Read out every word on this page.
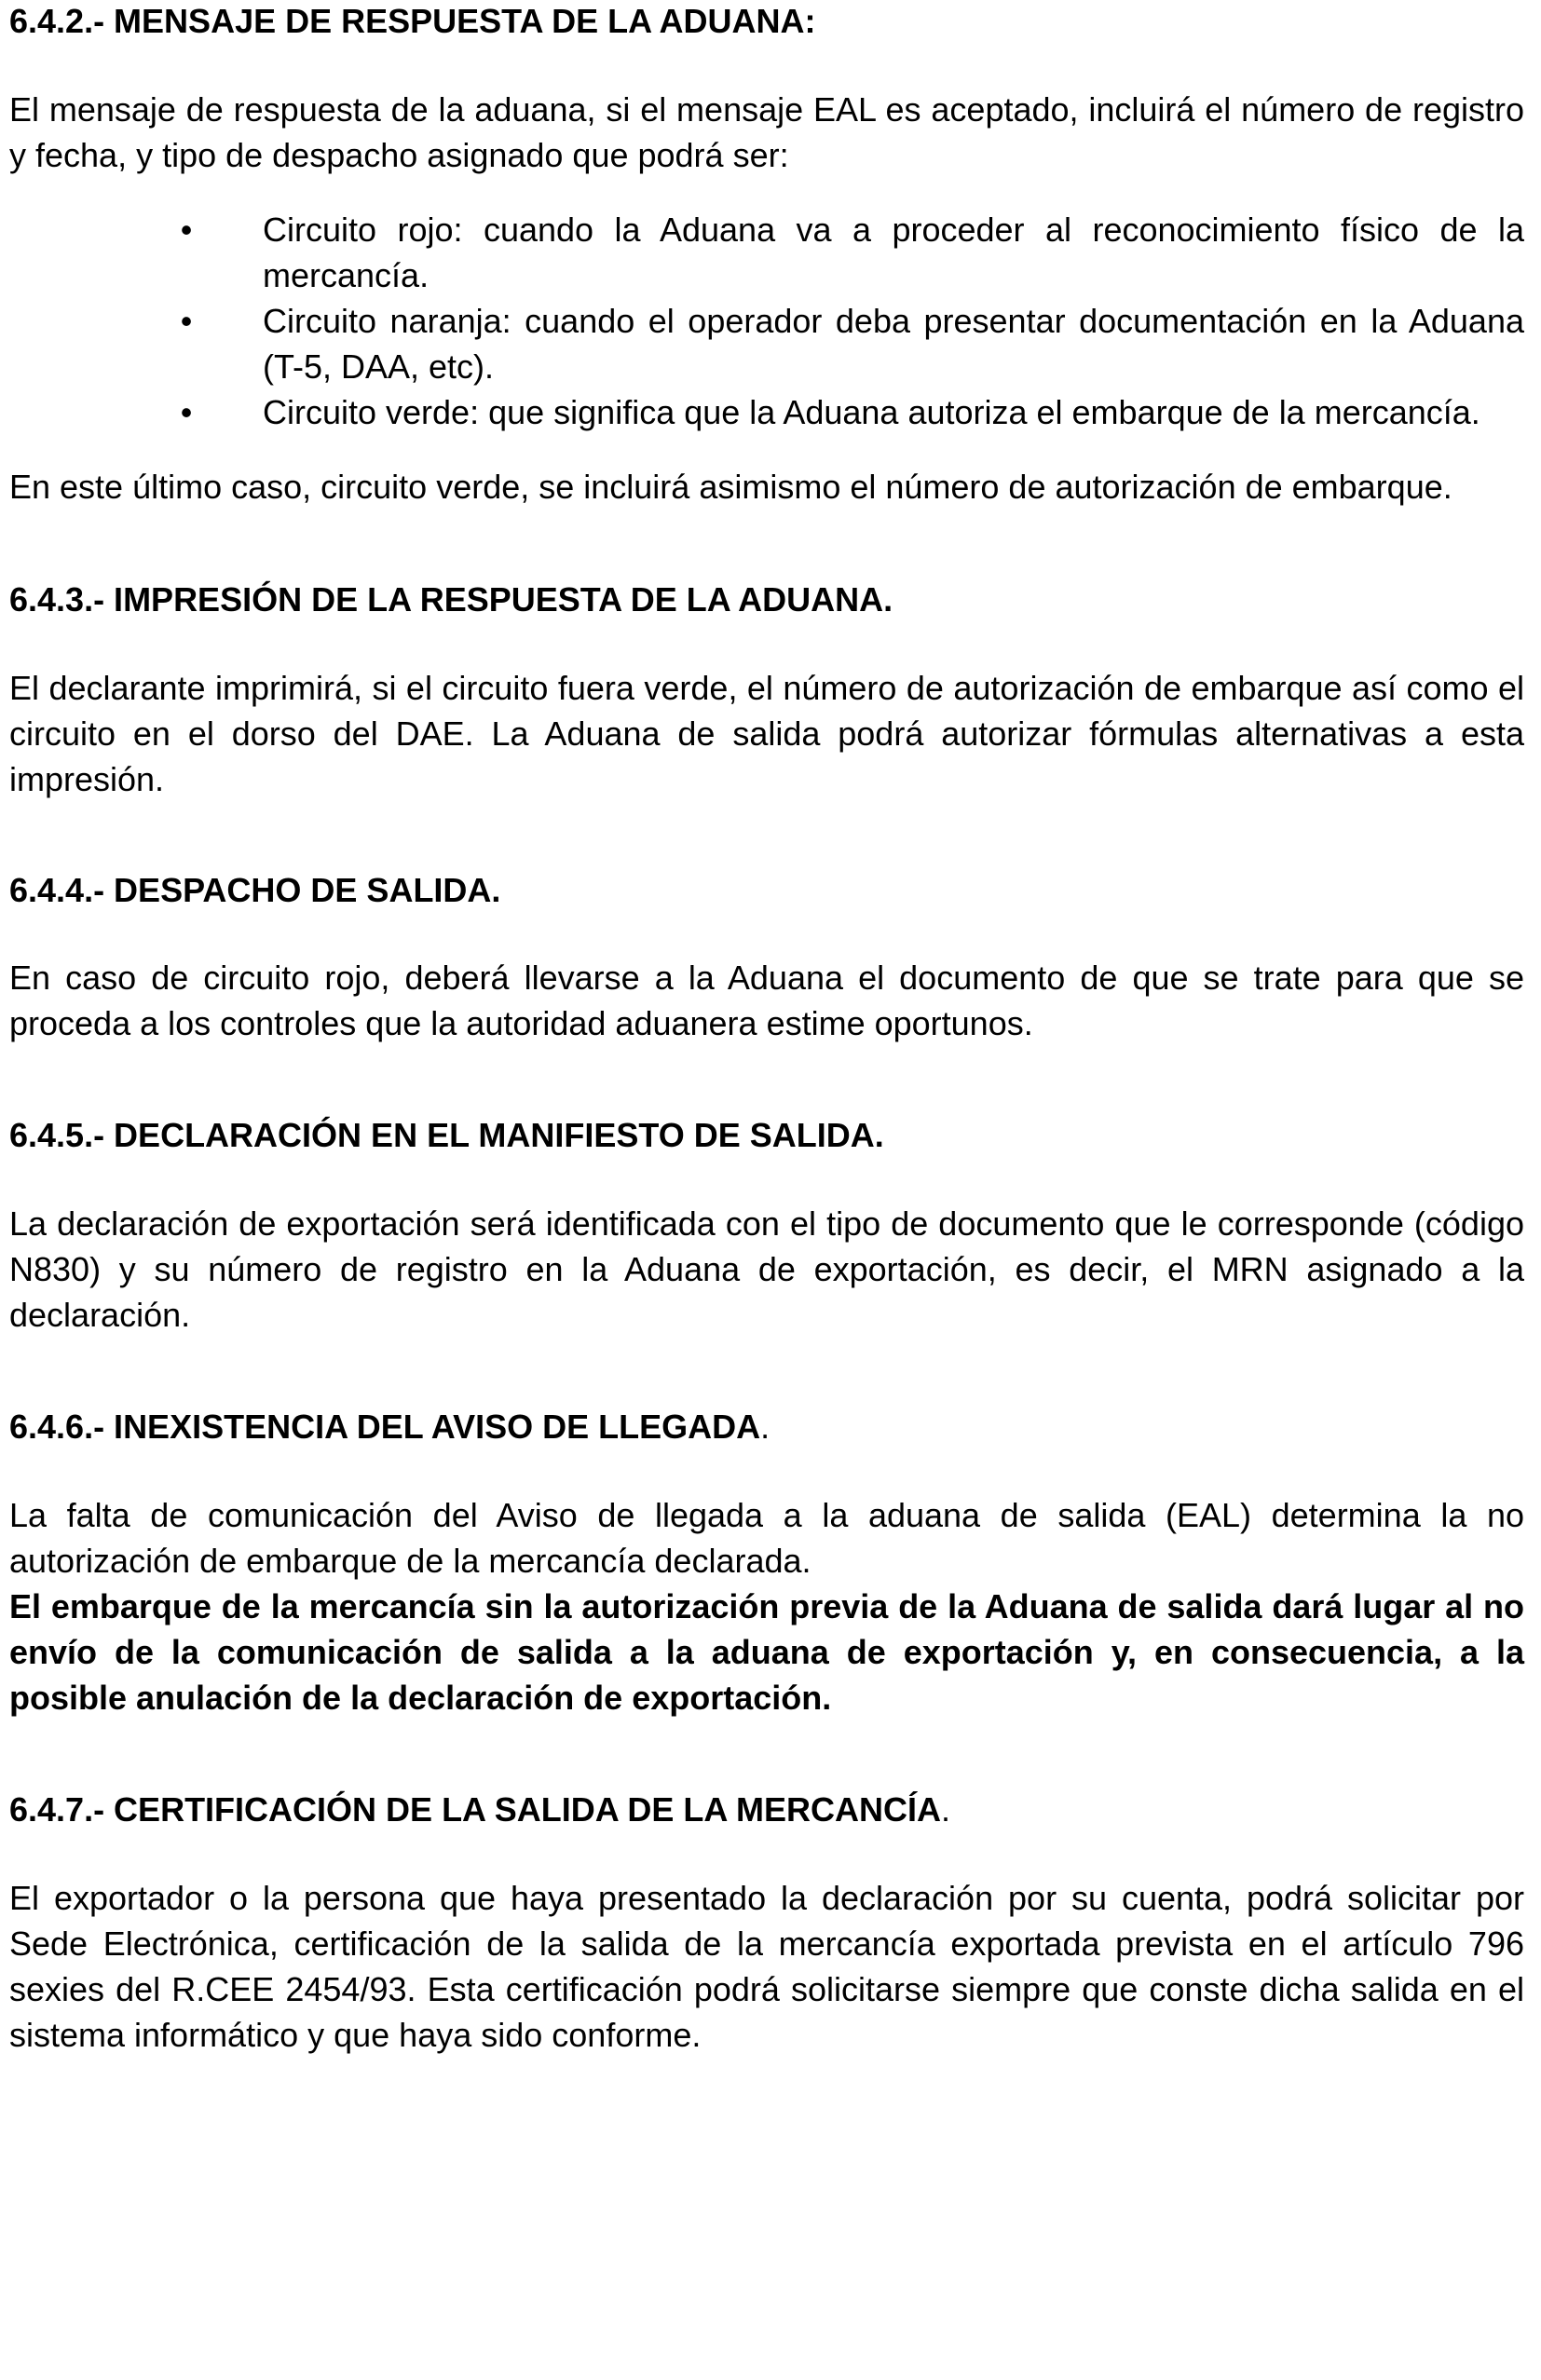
6.4.2.- MENSAJE DE RESPUESTA DE LA ADUANA:

El mensaje de respuesta de la aduana, si el mensaje EAL es aceptado, incluirá el número de registro y fecha, y tipo de despacho asignado que podrá ser:

• Circuito rojo: cuando la Aduana va a proceder al reconocimiento físico de la mercancía.
• Circuito naranja: cuando el operador deba presentar documentación en la Aduana (T-5, DAA, etc).
• Circuito verde: que significa que la Aduana autoriza el embarque de la mercancía.

En este último caso, circuito verde, se incluirá asimismo el número de autorización de embarque.

6.4.3.- IMPRESIÓN DE LA RESPUESTA DE LA ADUANA.

El declarante imprimirá, si el circuito fuera verde, el número de autorización de embarque así como el circuito en el dorso del DAE. La Aduana de salida podrá autorizar fórmulas alternativas a esta impresión.

6.4.4.- DESPACHO DE SALIDA.

En caso de circuito rojo, deberá llevarse a la Aduana el documento de que se trate para que se proceda a los controles que la autoridad aduanera estime oportunos.

6.4.5.- DECLARACIÓN EN EL MANIFIESTO DE SALIDA.

La declaración de exportación será identificada con el tipo de documento que le corresponde (código N830) y su número de registro en la Aduana de exportación, es decir, el MRN asignado a la declaración.

6.4.6.- INEXISTENCIA DEL AVISO DE LLEGADA.

La falta de comunicación del Aviso de llegada a la aduana de salida (EAL) determina la no autorización de embarque de la mercancía declarada.

El embarque de la mercancía sin la autorización previa de la Aduana de salida dará lugar al no envío de la comunicación de salida a la aduana de exportación y, en consecuencia, a la posible anulación de la declaración de exportación.

6.4.7.- CERTIFICACIÓN DE LA SALIDA DE LA MERCANCÍA.

El exportador o la persona que haya presentado la declaración por su cuenta, podrá solicitar por Sede Electrónica, certificación de la salida de la mercancía exportada prevista en el artículo 796 sexies del R.CEE 2454/93. Esta certificación podrá solicitarse siempre que conste dicha salida en el sistema informático y que haya sido conforme.
